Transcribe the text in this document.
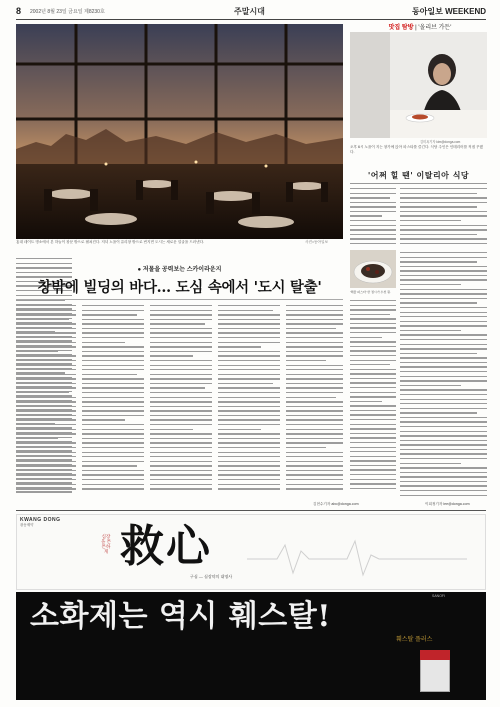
8 2002년 8월 23일 금요일 제8230호	주말시대	동아일보 WEEKEND
홍대 데이트 명소에서 본 하늘이 창문 밖으로 펼쳐진다. 저녁 노을이 유리창 밖으로 번지면 도시는 새로운 얼굴을 드러낸다.	사진=동아일보
맛집 탐방 | '올리브 가든'
김미옥기자 kim@donga.com
오후 6시 노을이 지는 창가에 앉아 파스타를 즐긴다. 식당 주인은 인테리어를 직접 꾸몄다.
'어쩌 힐 땐' 이탈리아 식당
'해물 파스타' 한 접시가 수천 원.
● 저물을 공력보는 스카이라운지
창밖에 빌딩의 바다… 도심 속에서 '도시 탈출'
김현수기자 abc@donga.com	이희정기자 lee@donga.com
KWANG DONG
광동제약
심장을 튼튼하게 救心
구심 — 심장약의 대명사
소화제는 역시 훼스탈!
SANOFI
훼스탈 플러스
